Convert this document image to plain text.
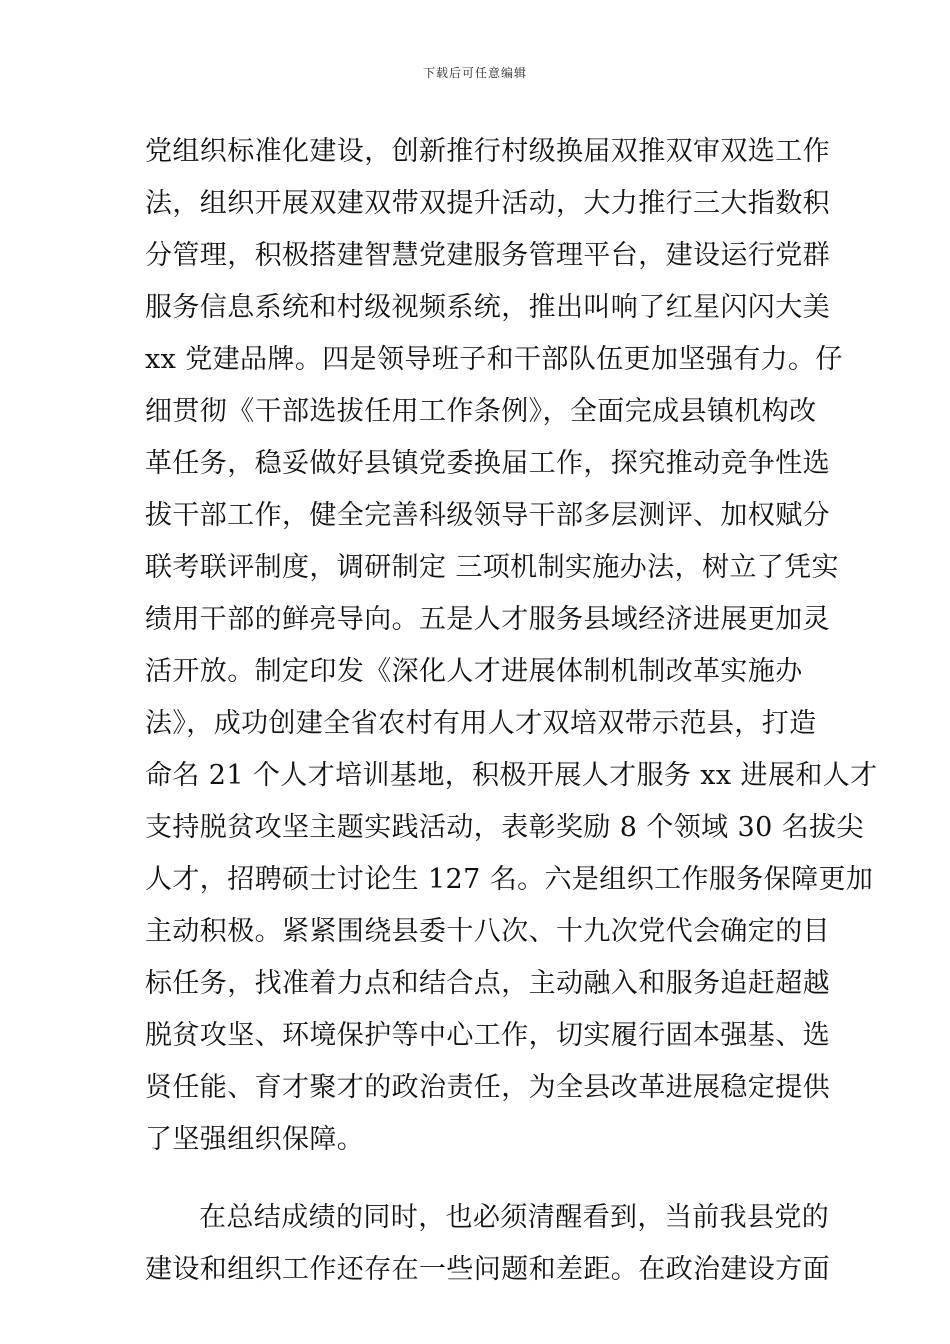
下载后可任意编辑
党组织标准化建设，创新推行村级换届双推双审双选工作
法，组织开展双建双带双提升活动，大力推行三大指数积
分管理，积极搭建智慧党建服务管理平台，建设运行党群
服务信息系统和村级视频系统，推出叫响了红星闪闪大美
xx 党建品牌。四是领导班子和干部队伍更加坚强有力。仔
细贯彻《干部选拔任用工作条例》，全面完成县镇机构改
革任务，稳妥做好县镇党委换届工作，探究推动竞争性选
拔干部工作，健全完善科级领导干部多层测评、加权赋分
联考联评制度，调研制定 三项机制实施办法，树立了凭实
绩用干部的鲜亮导向。五是人才服务县域经济进展更加灵
活开放。制定印发《深化人才进展体制机制改革实施办
法》，成功创建全省农村有用人才双培双带示范县，打造
命名 21 个人才培训基地，积极开展人才服务 xx 进展和人才
支持脱贫攻坚主题实践活动，表彰奖励 8 个领域 30 名拔尖
人才，招聘硕士讨论生 127 名。六是组织工作服务保障更加
主动积极。紧紧围绕县委十八次、十九次党代会确定的目
标任务，找准着力点和结合点，主动融入和服务追赶超越
脱贫攻坚、环境保护等中心工作，切实履行固本强基、选
贤任能、育才聚才的政治责任，为全县改革进展稳定提供
了坚强组织保障。
在总结成绩的同时，也必须清醒看到，当前我县党的
建设和组织工作还存在一些问题和差距。在政治建设方面
